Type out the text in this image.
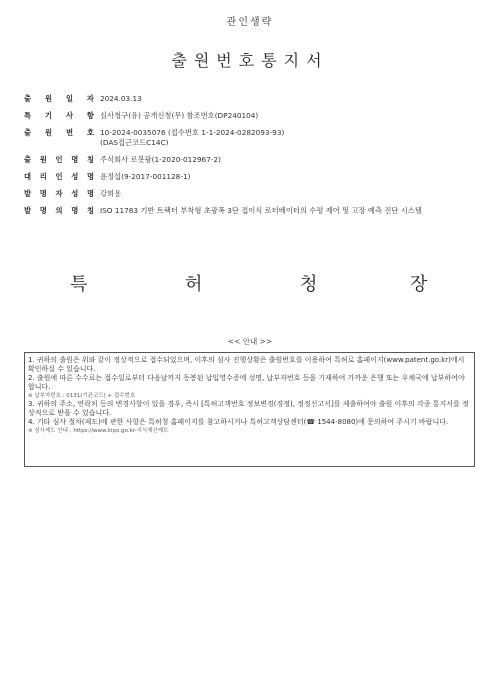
관인생략
출원번호통지서
출 원 일 자 2024.03.13
특 기 사 항 심사청구(유) 공개신청(무) 참조번호(DP240104)
출 원 번 호 10-2024-0035076 (접수번호 1-1-2024-0282093-93)
(DAS접근코드C14C)
출 원 인 명 칭 주식회사 로봇팜(1-2020-012967-2)
대 리 인 성 명 윤정섭(9-2017-001128-1)
발 명 자 성 명 강희용
발 명 의 명 칭 ISO 11783 기반 트랙터 부착형 초광폭 3단 접이식 로터베이터의 수평 제어 및 고장 예측 진단 시스템
특	허	청	장
<< 안내 >>

1. 귀하의 출원은 위와 같이 정상적으로 접수되었으며, 이후의 심사 진행상황은 출원번호를 이용하여 특허로 홈페이지(www.patent.go.kr)에서 확인하실 수 있습니다.

2. 출원에 따른 수수료는 접수일로부터 다음날까지 동봉된 납입영수증에 성명, 납부자번호 등을 기재하여 가까운 은행 또는 우체국에 납부하여야 합니다.

※ 납부자번호 : 0131(기관코드) + 접수번호

3. 귀하의 주소, 연락처 등의 변경사항이 있을 경우, 즉시 [특허고객번호 정보변경(경정), 정정신고서]를 제출하여야 출원 이후의 각종 통지서를 정상적으로 받을 수 있습니다.

4. 기타 심사 절차(제도)에 관한 사항은 특허청 홈페이지를 참고하시거나 특허고객상담센터(☎ 1544-8080)에 문의하여 주시기 바랍니다.

※ 심사제도 안내 : https://www.kipo.go.kr-지식재산제도
